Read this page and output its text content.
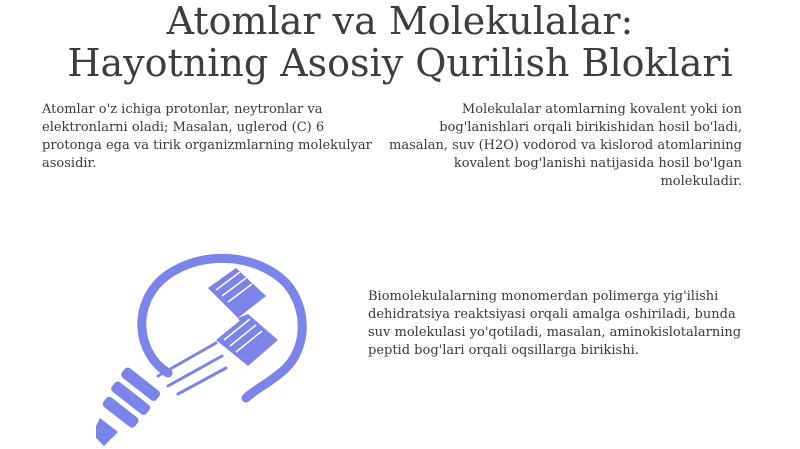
Atomlar va Molekulalar:
Hayotning Asosiy Qurilish Bloklari

Atomlar o'z ichiga protonlar, neytronlar va elektronlarni oladi; Masalan, uglerod (C) 6 protonga ega va tirik organizmlarning molekulyar asosidir.

Molekulalar atomlarning kovalent yoki ion bog'lanishlari orqali birikishidan hosil bo'ladi, masalan, suv (H2O) vodorod va kislorod atomlarining kovalent bog'lanishi natijasida hosil bo'lgan molekuladir.

Biomolekulalarning monomerdan polimerga yig'ilishi dehidratsiya reaktsiyasi orqali amalga oshiriladi, bunda suv molekulasi yo'qotiladi, masalan, aminokislotalarning peptid bog'lari orqali oqsillarga birikishi.
